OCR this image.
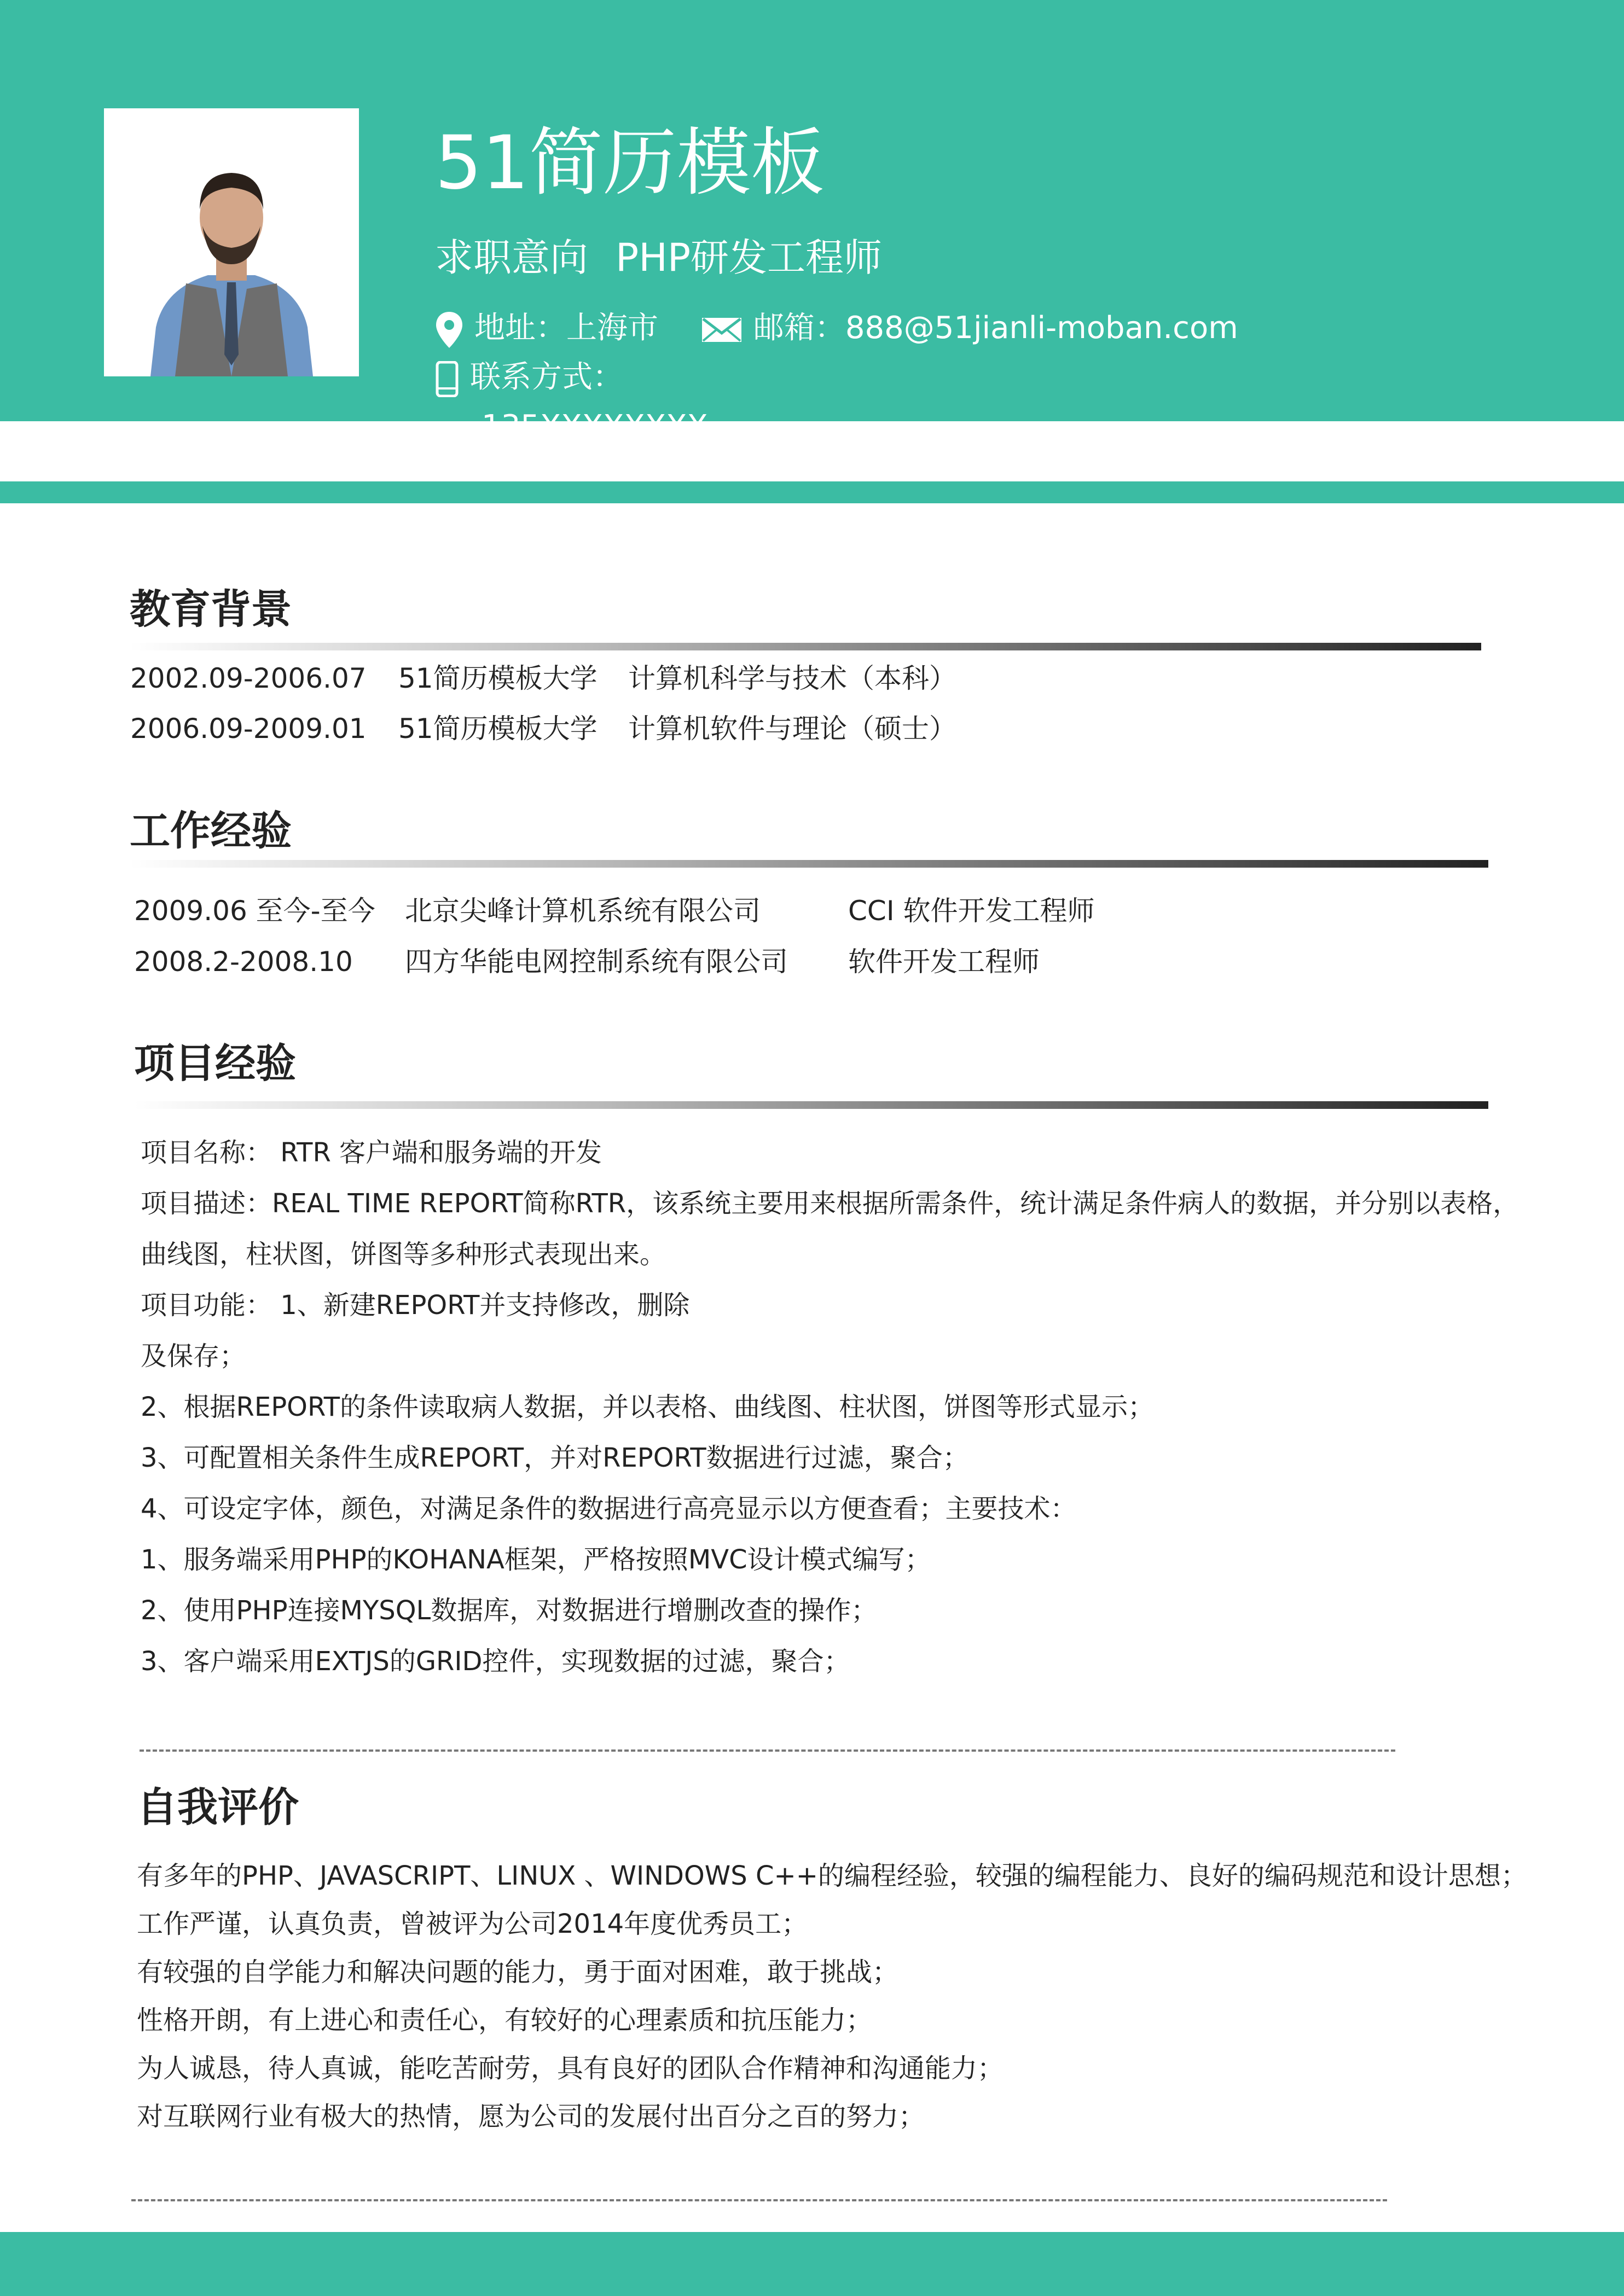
51简历模板
求职意向 PHP研发工程师
地址：上海市	邮箱：888@51jianli-moban.com 联系方式：
135XXXXXXXX
教育背景
2002.09-2006.07 51简历模板大学 计算机科学与技术（本科）
2006.09-2009.01 51简历模板大学 计算机软件与理论（硕士）
工作经验
2009.06 至今-至今 北京尖峰计算机系统有限公司	CCI 软件开发工程师
2008.2-2008.10 四方华能电网控制系统有限公司 软件开发工程师
项目经验
项目名称： RTR 客户端和服务端的开发
项目描述：REAL TIME REPORT简称RTR，该系统主要用来根据所需条件，统计满足条件病人的数据，并分别以表格，
曲线图，柱状图，饼图等多种形式表现出来。
项目功能： 1、新建REPORT并支持修改，删除
及保存；
2、根据REPORT的条件读取病人数据，并以表格、曲线图、柱状图，饼图等形式显示；
3、可配置相关条件生成REPORT，并对REPORT数据进行过滤，聚合；
4、可设定字体，颜色，对满足条件的数据进行高亮显示以方便查看；主要技术：
1、服务端采用PHP的KOHANA框架，严格按照MVC设计模式编写；
2、使用PHP连接MYSQL数据库，对数据进行增删改查的操作；
3、客户端采用EXTJS的GRID控件，实现数据的过滤，聚合；
自我评价
有多年的PHP、JAVASCRIPT、LINUX 、WINDOWS C++的编程经验，较强的编程能力、良好的编码规范和设计思想；
工作严谨，认真负责，曾被评为公司2014年度优秀员工；
有较强的自学能力和解决问题的能力，勇于面对困难，敢于挑战；
性格开朗，有上进心和责任心，有较好的心理素质和抗压能力；
为人诚恳，待人真诚，能吃苦耐劳，具有良好的团队合作精神和沟通能力；
对互联网行业有极大的热情，愿为公司的发展付出百分之百的努力；
